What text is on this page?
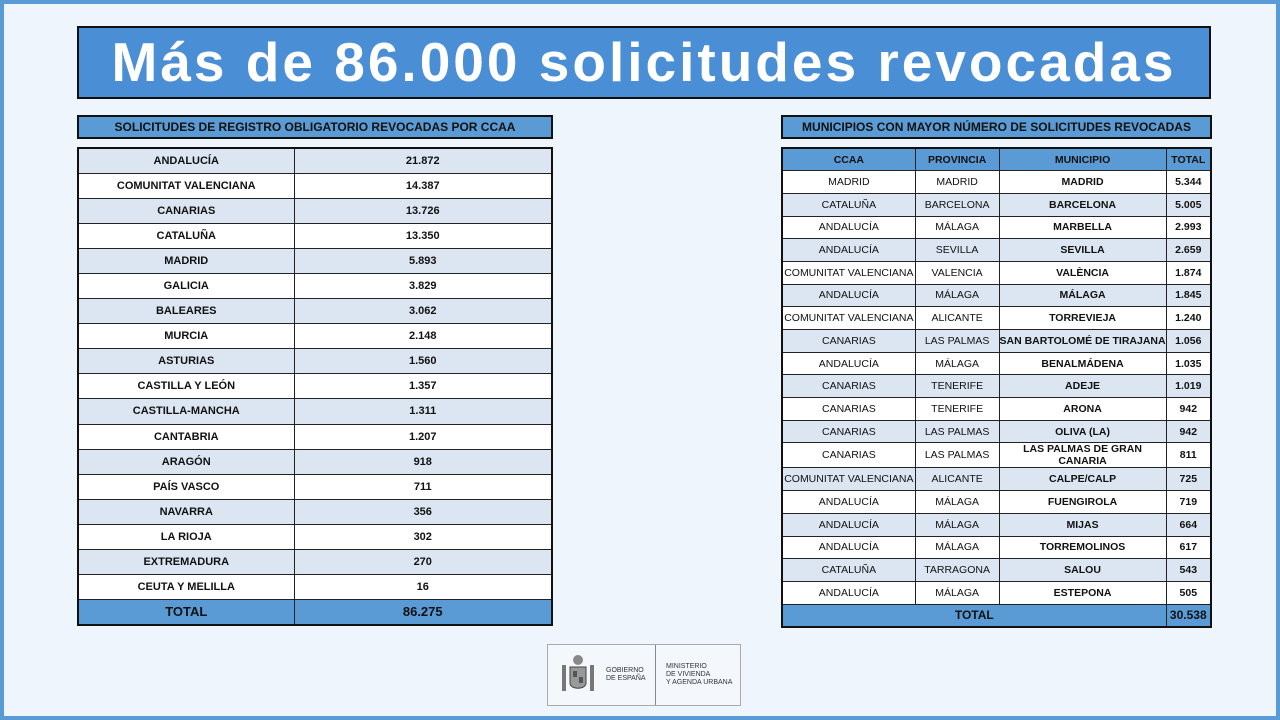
Más de 86.000 solicitudes revocadas
SOLICITUDES DE REGISTRO OBLIGATORIO REVOCADAS POR CCAA	MUNICIPIOS CON MAYOR NÚMERO DE SOLICITUDES REVOCADAS
ANDALUCÍA	21.872
COMUNITAT VALENCIANA	14.387
CANARIAS	13.726
CATALUÑA	13.350
MADRID	5.893
GALICIA	3.829
BALEARES	3.062
MURCIA	2.148
ASTURIAS	1.560
CASTILLA Y LEÓN	1.357
CASTILLA-MANCHA	1.311
CANTABRIA	1.207
ARAGÓN	918
PAÍS VASCO	711
NAVARRA	356
LA RIOJA	302
EXTREMADURA	270
CEUTA Y MELILLA	16
TOTAL	86.275
CCAA	PROVINCIA	MUNICIPIO	TOTAL
MADRID	MADRID	MADRID	5.344
CATALUÑA	BARCELONA	BARCELONA	5.005
ANDALUCÍA	MÁLAGA	MARBELLA	2.993
ANDALUCÍA	SEVILLA	SEVILLA	2.659
COMUNITAT VALENCIANA	VALENCIA	VALÈNCIA	1.874
ANDALUCÍA	MÁLAGA	MÁLAGA	1.845
COMUNITAT VALENCIANA	ALICANTE	TORREVIEJA	1.240
CANARIAS	LAS PALMAS	SAN BARTOLOMÉ DE TIRAJANA	1.056
ANDALUCÍA	MÁLAGA	BENALMÁDENA	1.035
CANARIAS	TENERIFE	ADEJE	1.019
CANARIAS	TENERIFE	ARONA	942
CANARIAS	LAS PALMAS	OLIVA (LA)	942
CANARIAS	LAS PALMAS	LAS PALMAS DE GRAN CANARIA	811
COMUNITAT VALENCIANA	ALICANTE	CALPE/CALP	725
ANDALUCÍA	MÁLAGA	FUENGIROLA	719
ANDALUCÍA	MÁLAGA	MIJAS	664
ANDALUCÍA	MÁLAGA	TORREMOLINOS	617
CATALUÑA	TARRAGONA	SALOU	543
ANDALUCÍA	MÁLAGA	ESTEPONA	505
TOTAL			30.538
GOBIERNO
DE ESPAÑA
MINISTERIO
DE VIVIENDA
Y AGENDA URBANA
